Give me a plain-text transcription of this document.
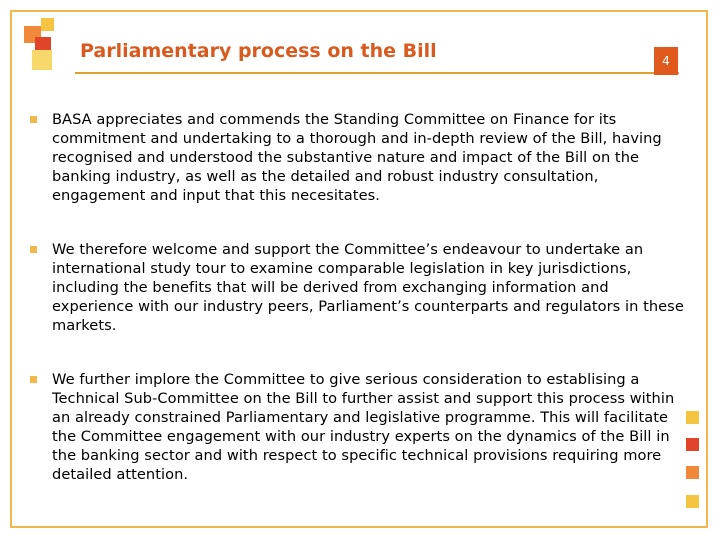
Parliamentary process on the Bill	4
BASA appreciates and commends the Standing Committee on Finance for its commitment and undertaking to a thorough and in-depth review of the Bill, having recognised and understood the substantive nature and impact of the Bill on the banking industry, as well as the detailed and robust industry consultation, engagement and input that this necesitates.
We therefore welcome and support the Committee’s endeavour to undertake an international study tour to examine comparable legislation in key jurisdictions, including the benefits that will be derived from exchanging information and experience with our industry peers, Parliament’s counterparts and regulators in these markets.
We further implore the Committee to give serious consideration to establising a Technical Sub-Committee on the Bill to further assist and support this process within an already constrained Parliamentary and legislative programme. This will facilitate the Committee engagement with our industry experts on the dynamics of the Bill in the banking sector and with respect to specific technical provisions requiring more detailed attention.
